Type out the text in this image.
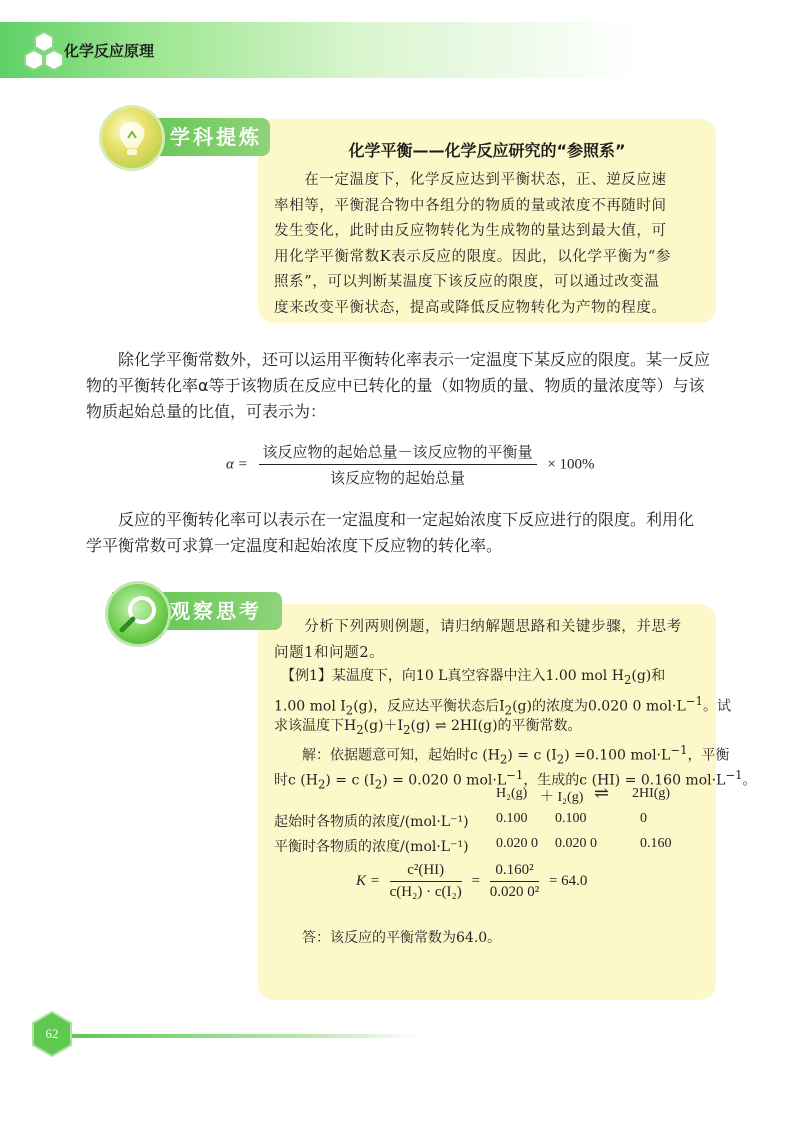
化学反应原理
学科提炼
化学平衡——化学反应研究的“参照系”
　　在一定温度下，化学反应达到平衡状态，正、逆反应速
率相等，平衡混合物中各组分的物质的量或浓度不再随时间
发生变化，此时由反应物转化为生成物的量达到最大值，可
用化学平衡常数K表示反应的限度。因此，以化学平衡为“参
照系”，可以判断某温度下该反应的限度，可以通过改变温
度来改变平衡状态，提高或降低反应物转化为产物的程度。
　　除化学平衡常数外，还可以运用平衡转化率表示一定温度下某反应的限度。某一反应
物的平衡转化率α等于该物质在反应中已转化的量（如物质的量、物质的量浓度等）与该
物质起始总量的比值，可表示为：
$\alpha = \frac{\text{该反应物的起始总量－该反应物的平衡量}}{\text{该反应物的起始总量}} \times 100\%$
　　反应的平衡转化率可以表示在一定温度和一定起始浓度下反应进行的限度。利用化
学平衡常数可求算一定温度和起始浓度下反应物的转化率。
观察思考
　　分析下列两则例题，请归纳解题思路和关键步骤，并思考
问题1和问题2。
　【例1】某温度下，向10 L真空容器中注入1.00 mol $H_2(g)$和
1.00 mol $I_2(g)$，反应达平衡状态后$I_2(g)$的浓度为0.020 0 $mol\cdot L^{-1}$。试
求该温度下$H_2(g)+I_2(g)$ ⇌ 2HI(g)的平衡常数。
　　解：依据题意可知，起始时c $(H_2) = c$ $(I_2) =0.100$ $mol\cdot L^{-1}$，平衡
时c $(H_2) = c$ $(I_2) = 0.020$ 0 $mol\cdot L^{-1}$，生成的c (HI) = 0.160 $mol\cdot L^{-1}$。
H₂(g) ＋ I₂(g) ⇌ 2HI(g)
起始时各物质的浓度/(mol·L⁻¹) 0.100 0.100	0
平衡时各物质的浓度/(mol·L⁻¹) 0.020 0 0.020 0	0.160
$K = \frac{\text{c²(HI)}}{\text{c(H₂) · c(I₂)}} = \frac{\text{0.160²}}{\text{0.020 0²}} = 64.0$
　　答：该反应的平衡常数为64.0。
62
